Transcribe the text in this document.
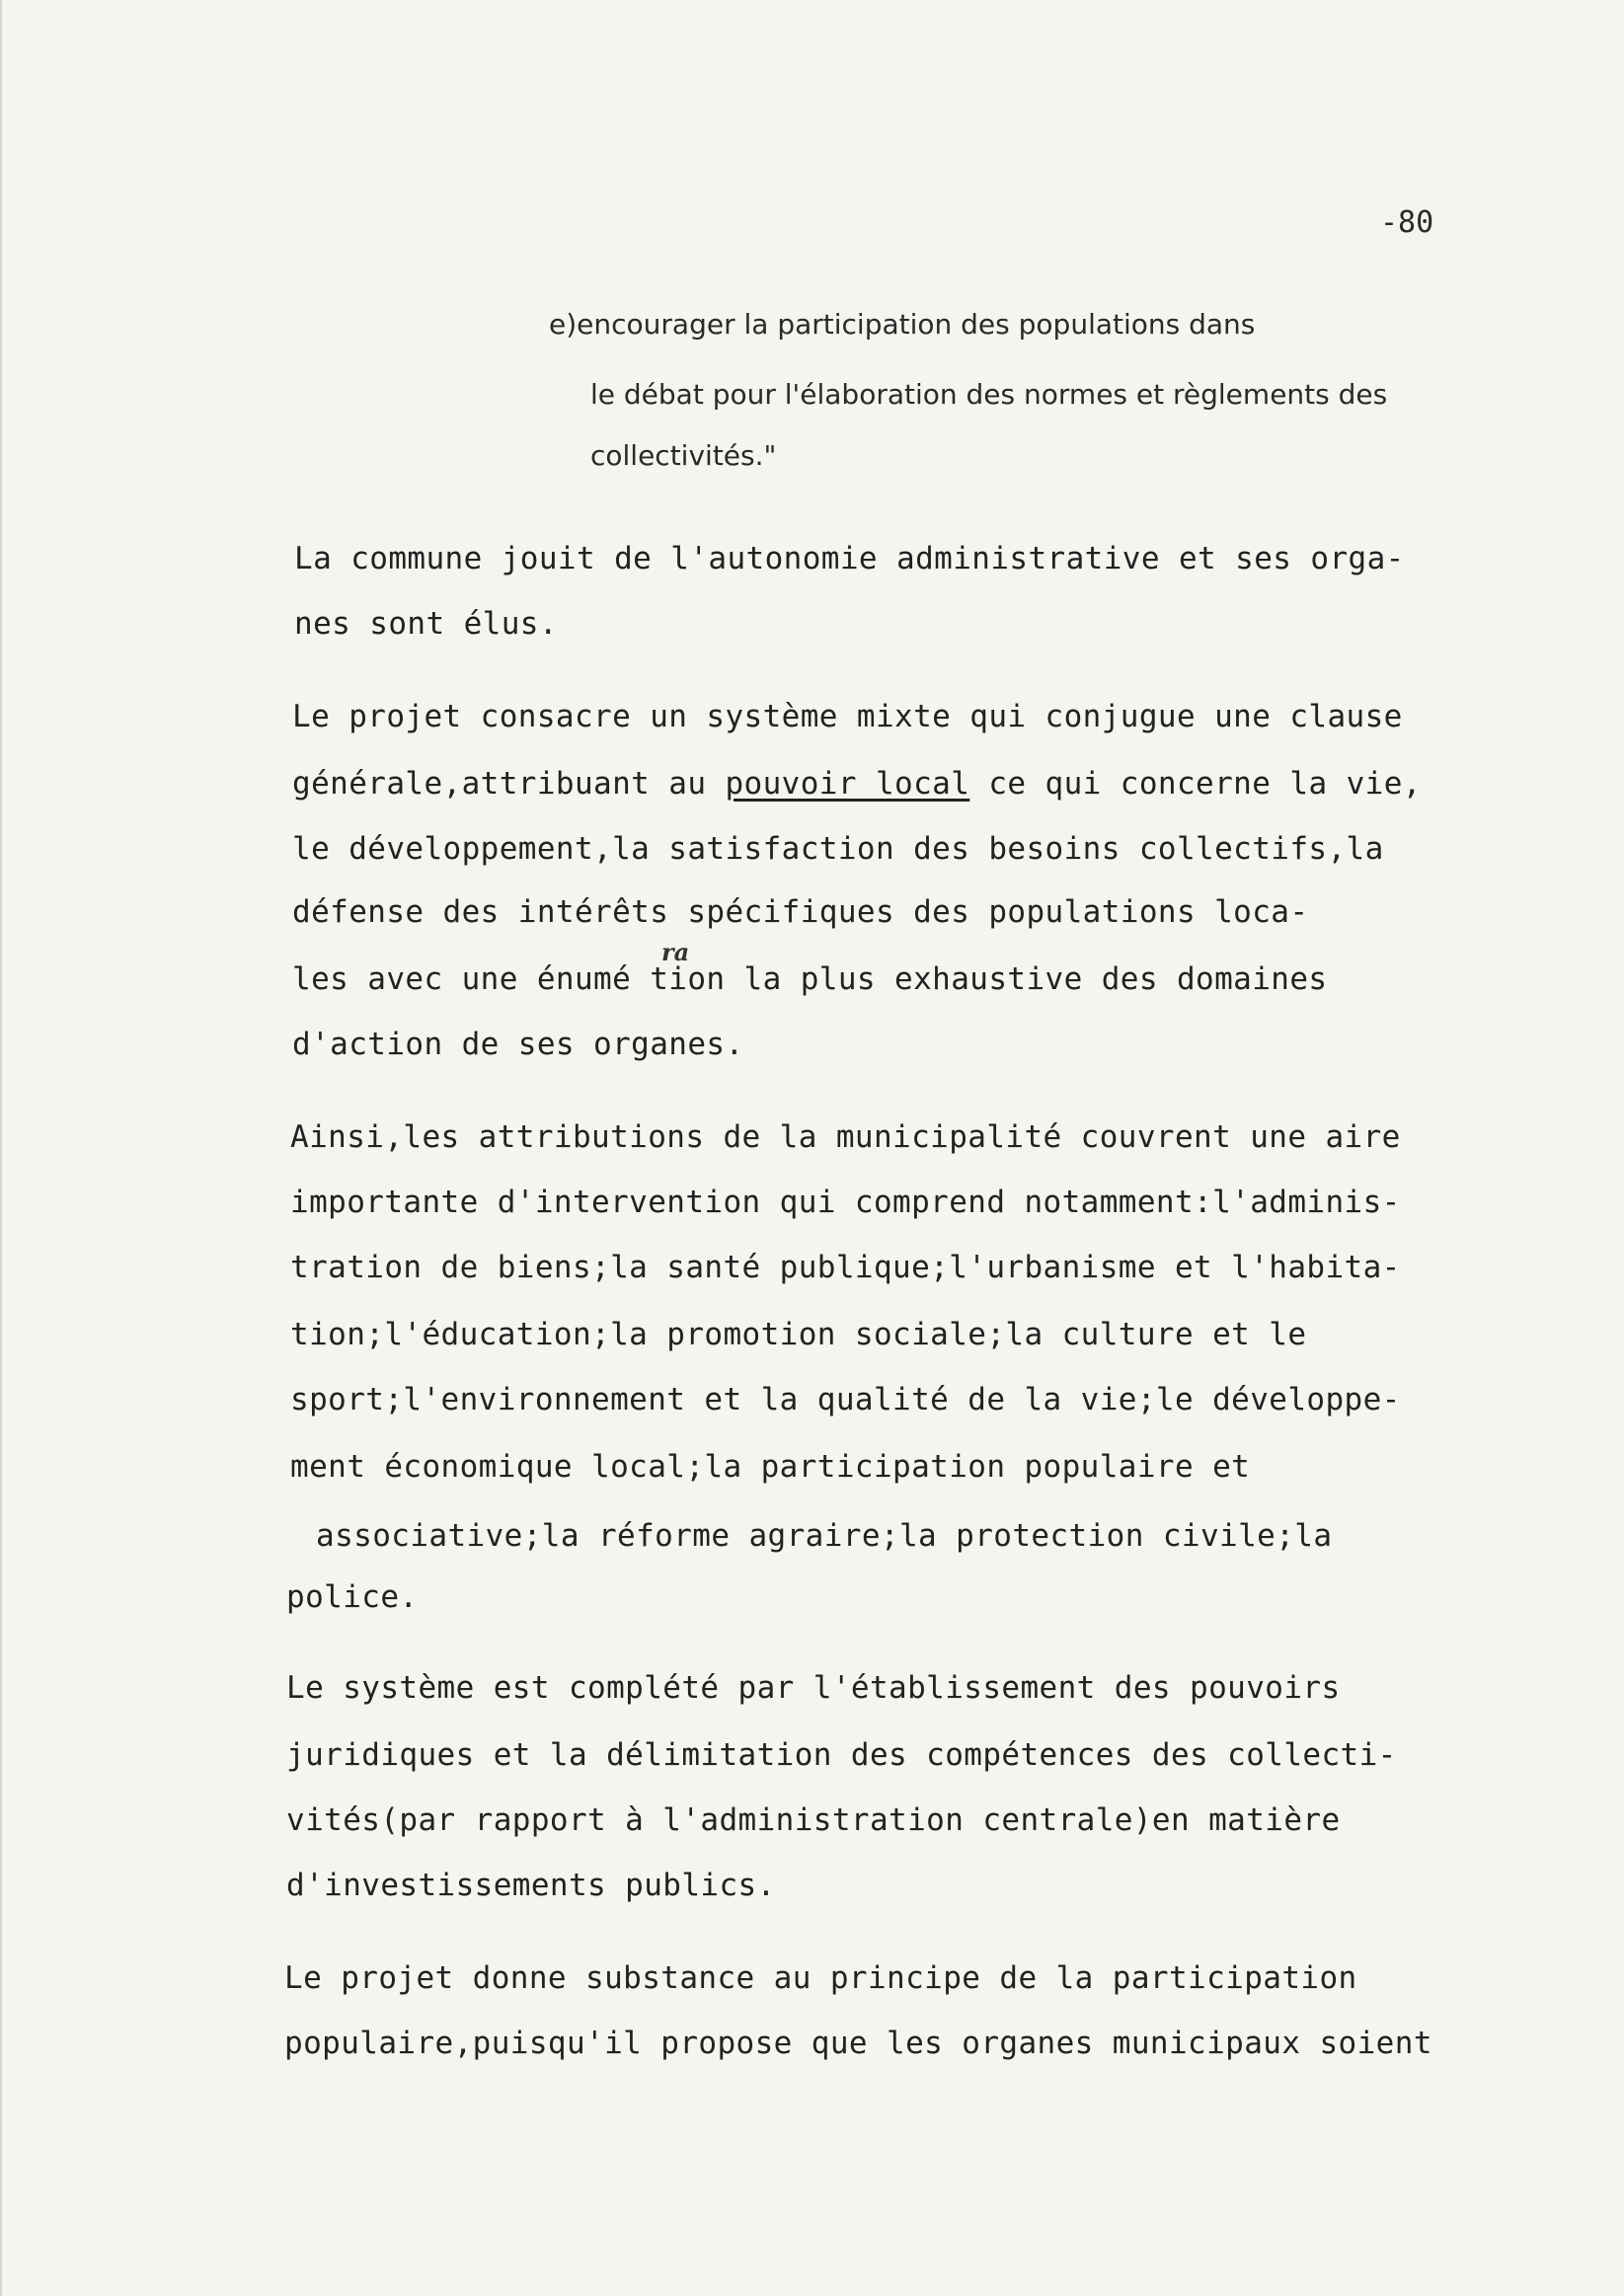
-80
e)encourager la participation des populations dans
le débat pour l'élaboration des normes et règlements des
collectivités."
La commune jouit de l'autonomie administrative et ses orga-
nes sont élus.
Le projet consacre un système mixte qui conjugue une clause
générale,attribuant au pouvoir local ce qui concerne la vie,
le développement,la satisfaction des besoins collectifs,la
défense des intérêts spécifiques des populations loca-
ra
les avec une énumé tion la plus exhaustive des domaines
d'action de ses organes.
Ainsi,les attributions de la municipalité couvrent une aire
importante d'intervention qui comprend notamment:l'adminis-
tration de biens;la santé publique;l'urbanisme et l'habita-
tion;l'éducation;la promotion sociale;la culture et le
sport;l'environnement et la qualité de la vie;le développe-
ment économique local;la participation populaire et
associative;la réforme agraire;la protection civile;la
police.
Le système est complété par l'établissement des pouvoirs
juridiques et la délimitation des compétences des collecti-
vités(par rapport à l'administration centrale)en matière
d'investissements publics.
Le projet donne substance au principe de la participation
populaire,puisqu'il propose que les organes municipaux soient
